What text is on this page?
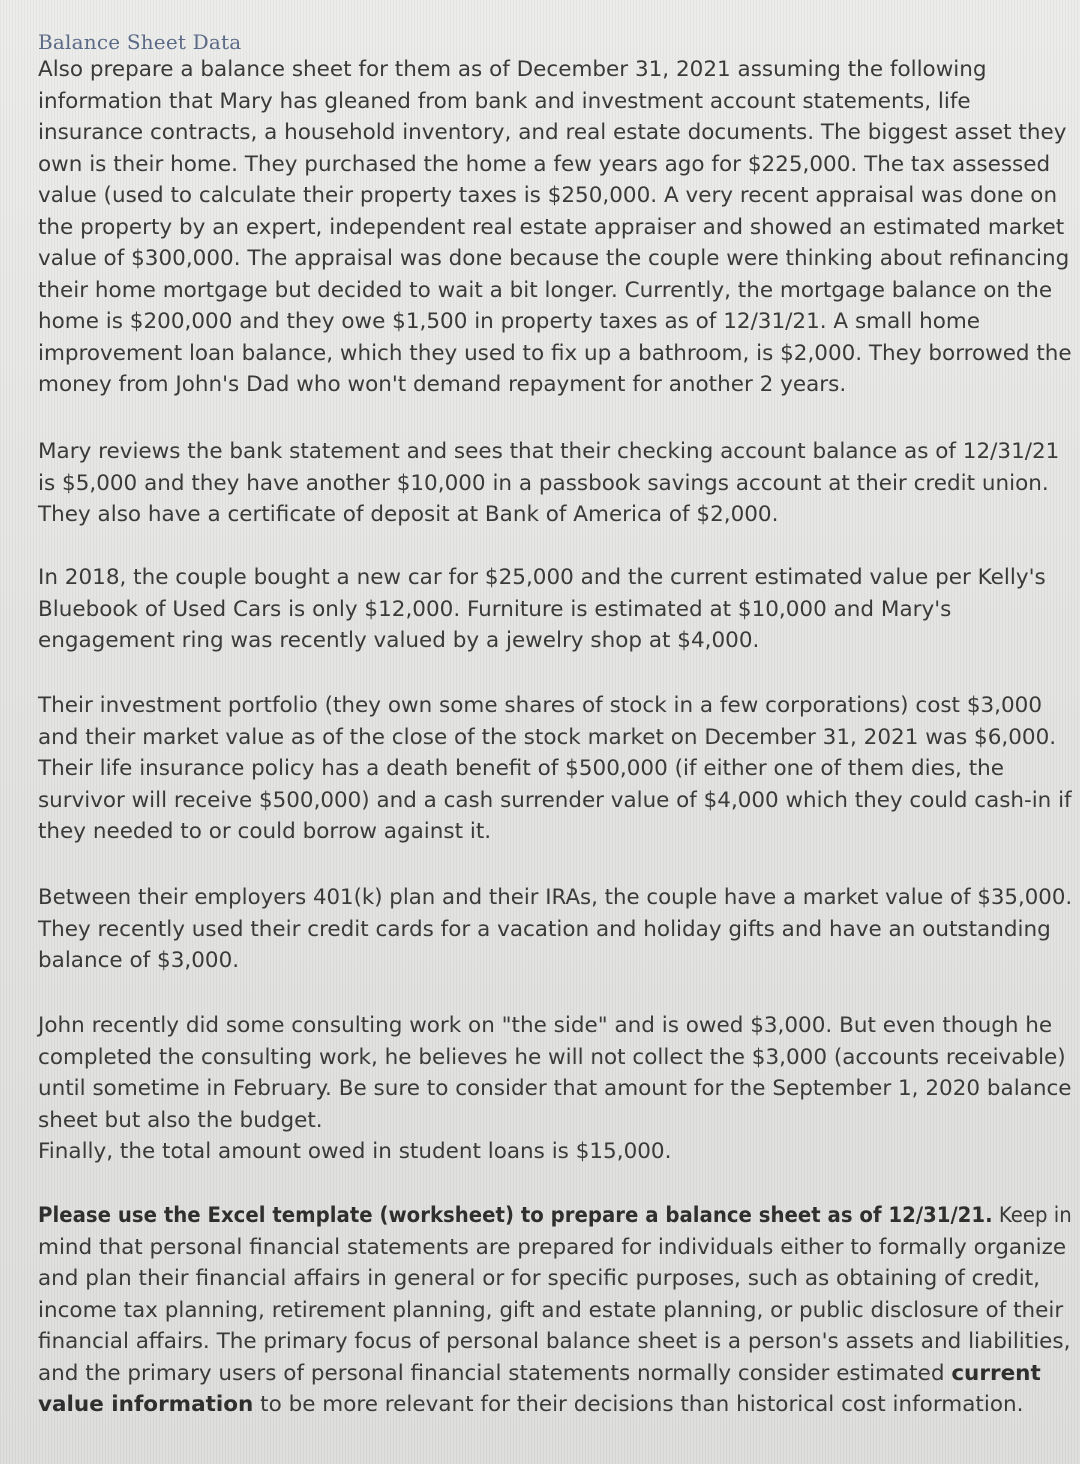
Balance Sheet Data
Also prepare a balance sheet for them as of December 31, 2021 assuming the following
information that Mary has gleaned from bank and investment account statements, life
insurance contracts, a household inventory, and real estate documents. The biggest asset they
own is their home. They purchased the home a few years ago for $225,000. The tax assessed
value (used to calculate their property taxes is $250,000. A very recent appraisal was done on
the property by an expert, independent real estate appraiser and showed an estimated market
value of $300,000. The appraisal was done because the couple were thinking about refinancing
their home mortgage but decided to wait a bit longer. Currently, the mortgage balance on the
home is $200,000 and they owe $1,500 in property taxes as of 12/31/21. A small home
improvement loan balance, which they used to fix up a bathroom, is $2,000. They borrowed the
money from John's Dad who won't demand repayment for another 2 years.
Mary reviews the bank statement and sees that their checking account balance as of 12/31/21
is $5,000 and they have another $10,000 in a passbook savings account at their credit union.
They also have a certificate of deposit at Bank of America of $2,000.
In 2018, the couple bought a new car for $25,000 and the current estimated value per Kelly's
Bluebook of Used Cars is only $12,000. Furniture is estimated at $10,000 and Mary's
engagement ring was recently valued by a jewelry shop at $4,000.
Their investment portfolio (they own some shares of stock in a few corporations) cost $3,000
and their market value as of the close of the stock market on December 31, 2021 was $6,000.
Their life insurance policy has a death benefit of $500,000 (if either one of them dies, the
survivor will receive $500,000) and a cash surrender value of $4,000 which they could cash-in if
they needed to or could borrow against it.
Between their employers 401(k) plan and their IRAs, the couple have a market value of $35,000.
They recently used their credit cards for a vacation and holiday gifts and have an outstanding
balance of $3,000.
John recently did some consulting work on "the side" and is owed $3,000. But even though he
completed the consulting work, he believes he will not collect the $3,000 (accounts receivable)
until sometime in February. Be sure to consider that amount for the September 1, 2020 balance
sheet but also the budget.
Finally, the total amount owed in student loans is $15,000.
Please use the Excel template (worksheet) to prepare a balance sheet as of 12/31/21. Keep in
mind that personal financial statements are prepared for individuals either to formally organize
and plan their financial affairs in general or for specific purposes, such as obtaining of credit,
income tax planning, retirement planning, gift and estate planning, or public disclosure of their
financial affairs. The primary focus of personal balance sheet is a person's assets and liabilities,
and the primary users of personal financial statements normally consider estimated current
value information to be more relevant for their decisions than historical cost information.
